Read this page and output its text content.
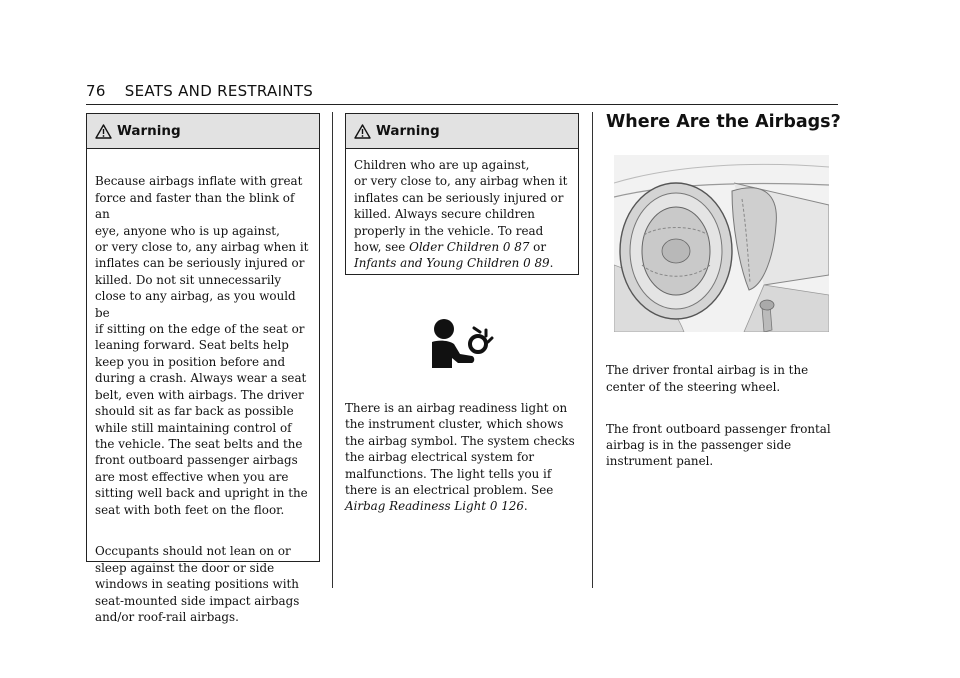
76 SEATS AND RESTRAINTS
Warning

Because airbags inflate with great
force and faster than the blink of an
eye, anyone who is up against,
or very close to, any airbag when it
inflates can be seriously injured or
killed. Do not sit unnecessarily
close to any airbag, as you would be
if sitting on the edge of the seat or
leaning forward. Seat belts help
keep you in position before and
during a crash. Always wear a seat
belt, even with airbags. The driver
should sit as far back as possible
while still maintaining control of
the vehicle. The seat belts and the
front outboard passenger airbags
are most effective when you are
sitting well back and upright in the
seat with both feet on the floor.

Occupants should not lean on or
sleep against the door or side
windows in seating positions with
seat-mounted side impact airbags
and/or roof-rail airbags.

Warning
Children who are up against,
or very close to, any airbag when it
inflates can be seriously injured or
killed. Always secure children
properly in the vehicle. To read
how, see Older Children 0 87 or
Infants and Young Children 0 89.
There is an airbag readiness light on
the instrument cluster, which shows
the airbag symbol. The system checks
the airbag electrical system for
malfunctions. The light tells you if
there is an electrical problem. See
Airbag Readiness Light 0 126.
Where Are the Airbags?

The driver frontal airbag is in the
center of the steering wheel.

The front outboard passenger frontal
airbag is in the passenger side
instrument panel.
